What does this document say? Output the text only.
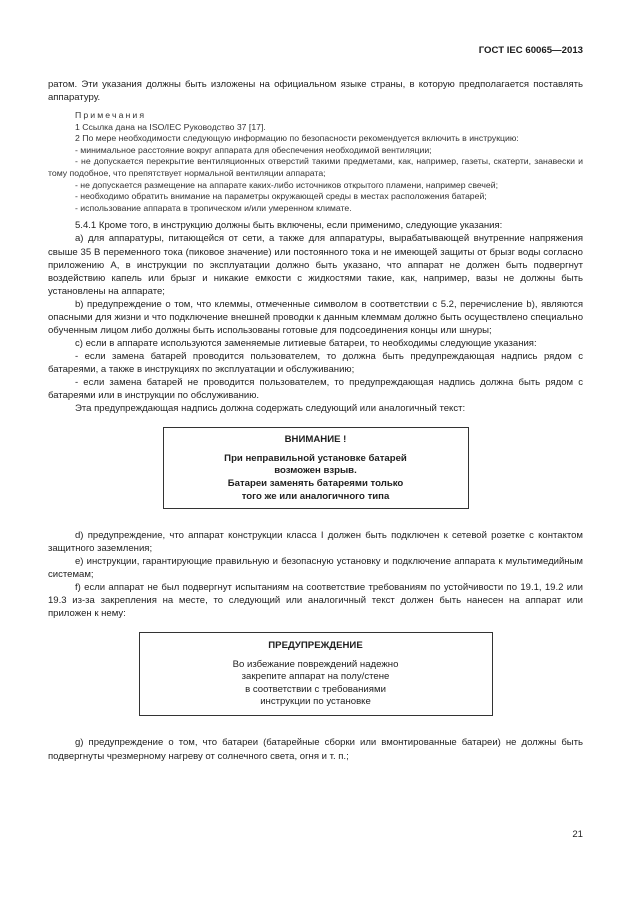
ГОСТ IEC 60065—2013

ратом. Эти указания должны быть изложены на официальном языке страны, в которую предполагается поставлять аппаратуру.

Примечания

1 Ссылка дана на ISO/IEC Руководство 37 [17].

2 По мере необходимости следующую информацию по безопасности рекомендуется включить в инструкцию:

- минимальное расстояние вокруг аппарата для обеспечения необходимой вентиляции;

- не допускается перекрытие вентиляционных отверстий такими предметами, как, например, газеты, скатерти, занавески и тому подобное, что препятствует нормальной вентиляции аппарата;

- не допускается размещение на аппарате каких-либо источников открытого пламени, например свечей;

- необходимо обратить внимание на параметры окружающей среды в местах расположения батарей;

- использование аппарата в тропическом и/или умеренном климате.

5.4.1 Кроме того, в инструкцию должны быть включены, если применимо, следующие указания:

а) для аппаратуры, питающейся от сети, а также для аппаратуры, вырабатывающей внутренние напряжения свыше 35 В переменного тока (пиковое значение) или постоянного тока и не имеющей защиты от брызг воды согласно приложению А, в инструкции по эксплуатации должно быть указано, что аппарат не должен быть подвергнут воздействию капель или брызг и никакие емкости с жидкостями такие, как, например, вазы не должны быть установлены на аппарате;

b) предупреждение о том, что клеммы, отмеченные символом в соответствии с 5.2, перечисление b), являются опасными для жизни и что подключение внешней проводки к данным клеммам должно быть осуществлено специально обученным лицом либо должны быть использованы готовые для подсоединения концы или шнуры;

с) если в аппарате используются заменяемые литиевые батареи, то необходимы следующие указания:

- если замена батарей проводится пользователем, то должна быть предупреждающая надпись рядом с батареями, а также в инструкциях по эксплуатации и обслуживанию;

- если замена батарей не проводится пользователем, то предупреждающая надпись должна быть рядом с батареями или в инструкции по обслуживанию.

Эта предупреждающая надпись должна содержать следующий или аналогичный текст:

ВНИМАНИЕ !
При неправильной установке батарей
возможен взрыв.
Батареи заменять батареями только
того же или аналогичного типа

d) предупреждение, что аппарат конструкции класса I должен быть подключен к сетевой розетке с контактом защитного заземления;

е) инструкции, гарантирующие правильную и безопасную установку и подключение аппарата к мультимедийным системам;

f) если аппарат не был подвергнут испытаниям на соответствие требованиям по устойчивости по 19.1, 19.2 или 19.3 из-за закрепления на месте, то следующий или аналогичный текст должен быть нанесен на аппарат или приложен к нему:

ПРЕДУПРЕЖДЕНИЕ
Во избежание повреждений надежно
закрепите аппарат на полу/стене
в соответствии с требованиями
инструкции по установке

g) предупреждение о том, что батареи (батарейные сборки или вмонтированные батареи) не должны быть подвергнуты чрезмерному нагреву от солнечного света, огня и т. п.;

21
